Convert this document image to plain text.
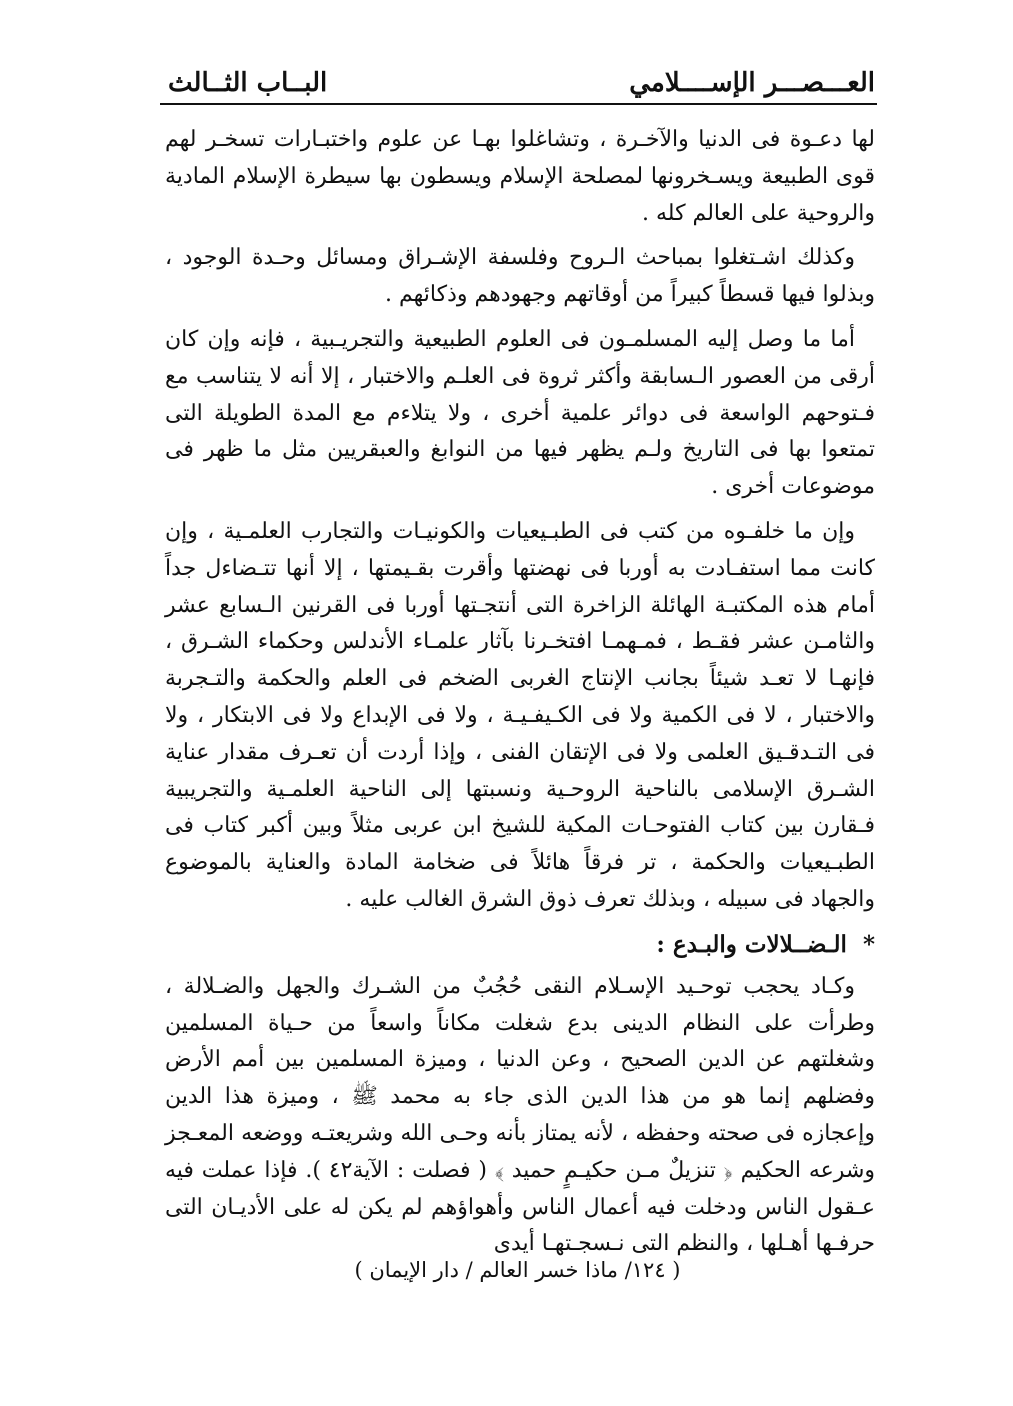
العـــصـــر الإســــلامي
البــاب الثــالث

لها دعـوة فى الدنيا والآخـرة ، وتشاغلوا بهـا عن علوم واختبـارات تسخـر لهم قوى الطبيعة ويسـخرونها لمصلحة الإسلام ويسطون بها سيطرة الإسلام المادية والروحية على العالم كله .

وكذلك اشـتغلوا بمباحث الـروح وفلسفة الإشـراق ومسائل وحـدة الوجود ، وبذلوا فيها قسطاً كبيراً من أوقاتهم وجهودهم وذكائهم .

أما ما وصل إليه المسلمـون فى العلوم الطبيعية والتجريـبية ، فإنه وإن كان أرقى من العصور الـسابقة وأكثر ثروة فى العلـم والاختبار ، إلا أنه لا يتناسب مع فـتوحهم الواسعة فى دوائر علمية أخرى ، ولا يتلاءم مع المدة الطويلة التى تمتعوا بها فى التاريخ ولـم يظهر فيها من النوابغ والعبقريين مثل ما ظهر فى موضوعات أخرى .

وإن ما خلفـوه من كتب فى الطبـيعيات والكونيـات والتجارب العلمـية ، وإن كانت مما استفـادت به أوربا فى نهضتها وأقرت بقـيمتها ، إلا أنها تتـضاءل جداً أمام هذه المكتبـة الهائلة الزاخرة التى أنتجـتها أوربا فى القرنين الـسابع عشر والثامـن عشر فقـط ، فمـهمـا افتخـرنا بآثار علمـاء الأندلس وحكماء الشـرق ، فإنهـا لا تعـد شيئاً بجانب الإنتاج الغربى الضخم فى العلم والحكمة والتـجربة والاختبار ، لا فى الكمية ولا فى الكـيفـيـة ، ولا فى الإبداع ولا فى الابتكار ، ولا فى التـدقـيق العلمى ولا فى الإتقان الفنى ، وإذا أردت أن تعـرف مقدار عناية الشـرق الإسلامى بالناحية الروحـية ونسبتها إلى الناحية العلمـية والتجريبية فـقارن بين كتاب الفتوحـات المكية للشيخ ابن عربى مثلاً وبين أكبر كتاب فى الطبـيعيات والحكمة ، تر فرقاً هائلاً فى ضخامة المادة والعناية بالموضوع والجهاد فى سبيله ، وبذلك تعرف ذوق الشرق الغالب عليه .

* الـضــلالات والبـدع :

وكـاد يحجب توحـيد الإسـلام النقى حُجُبٌ من الشـرك والجهل والضـلالة ، وطرأت على النظام الدينى بدع شغلت مكاناً واسعاً من حـياة المسلمين وشغلتهم عن الدين الصحيح ، وعن الدنيا ، وميزة المسلمين بين أمم الأرض وفضلهم إنما هو من هذا الدين الذى جاء به محمد ﷺ ، وميزة هذا الدين وإعجازه فى صحته وحفظه ، لأنه يمتاز بأنه وحـى الله وشريعتـه ووضعه المعـجز وشرعه الحكيم ﴿ تنزيلٌ مـن حكيـمٍ حميد ﴾ ( فصلت : الآية٤٢ ). فإذا عملت فيه عـقول الناس ودخلت فيه أعمال الناس وأهواؤهم لم يكن له على الأديـان التى حرفـها أهـلها ، والنظم التى نـسجـتهـا أيدى

( ١٢٤/ ماذا خسر العالم / دار الإيمان )
